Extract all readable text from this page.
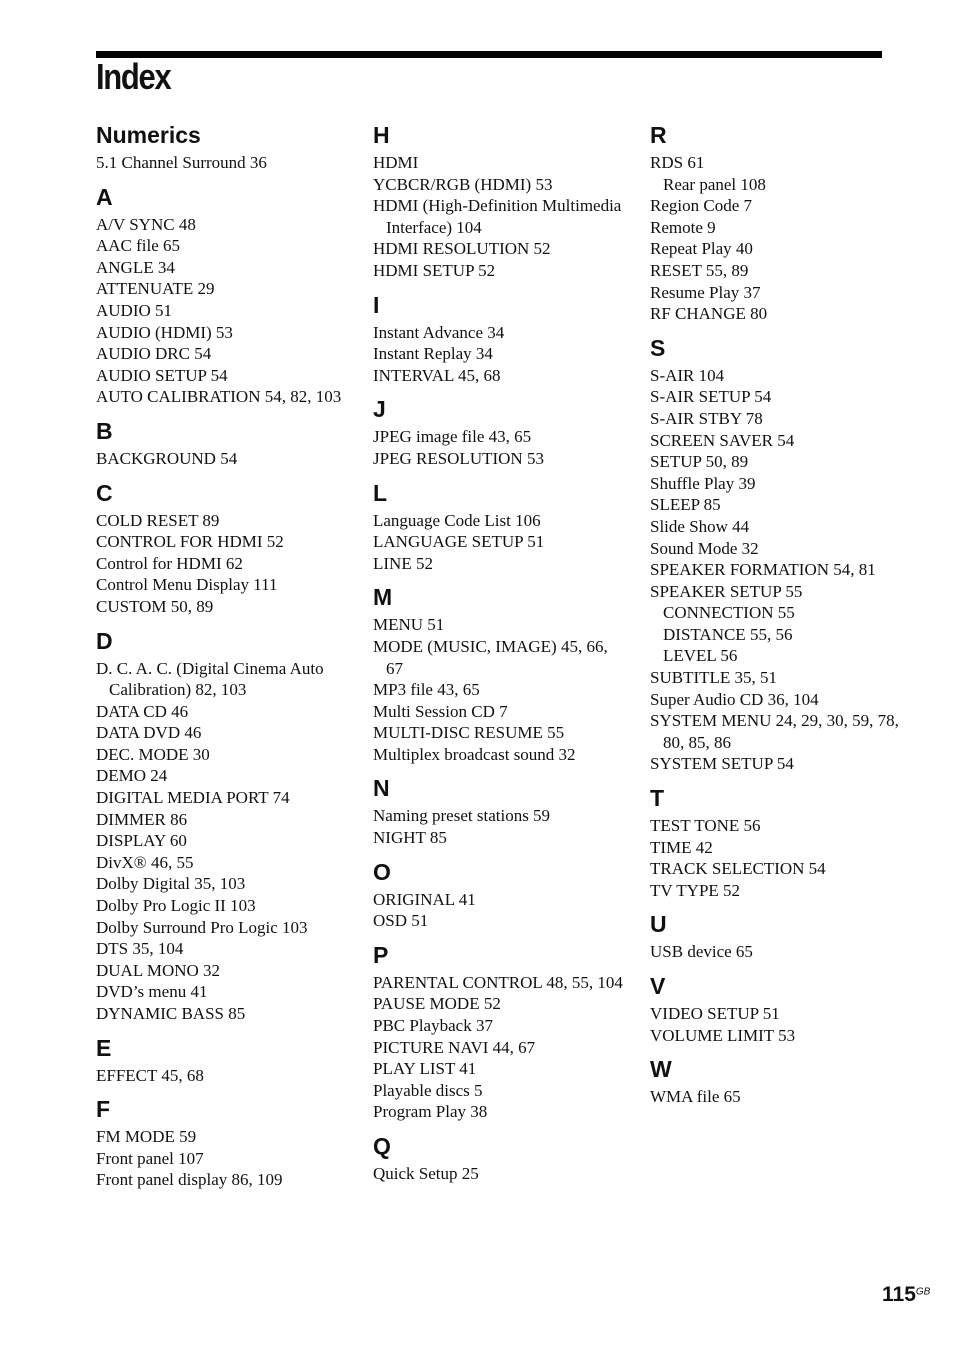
Index
Numerics
5.1 Channel Surround 36
A
A/V SYNC 48
AAC file 65
ANGLE 34
ATTENUATE 29
AUDIO 51
AUDIO (HDMI) 53
AUDIO DRC 54
AUDIO SETUP 54
AUTO CALIBRATION 54, 82, 103
B
BACKGROUND 54
C
COLD RESET 89
CONTROL FOR HDMI 52
Control for HDMI 62
Control Menu Display 111
CUSTOM 50, 89
D
D. C. A. C. (Digital Cinema Auto Calibration) 82, 103
DATA CD 46
DATA DVD 46
DEC. MODE 30
DEMO 24
DIGITAL MEDIA PORT 74
DIMMER 86
DISPLAY 60
DivX® 46, 55
Dolby Digital 35, 103
Dolby Pro Logic II 103
Dolby Surround Pro Logic 103
DTS 35, 104
DUAL MONO 32
DVD’s menu 41
DYNAMIC BASS 85
E
EFFECT 45, 68
F
FM MODE 59
Front panel 107
Front panel display 86, 109
H
HDMI
YCBCR/RGB (HDMI) 53
HDMI (High-Definition Multimedia Interface) 104
HDMI RESOLUTION 52
HDMI SETUP 52
I
Instant Advance 34
Instant Replay 34
INTERVAL 45, 68
J
JPEG image file 43, 65
JPEG RESOLUTION 53
L
Language Code List 106
LANGUAGE SETUP 51
LINE 52
M
MENU 51
MODE (MUSIC, IMAGE) 45, 66, 67
MP3 file 43, 65
Multi Session CD 7
MULTI-DISC RESUME 55
Multiplex broadcast sound 32
N
Naming preset stations 59
NIGHT 85
O
ORIGINAL 41
OSD 51
P
PARENTAL CONTROL 48, 55, 104
PAUSE MODE 52
PBC Playback 37
PICTURE NAVI 44, 67
PLAY LIST 41
Playable discs 5
Program Play 38
Q
Quick Setup 25
R
RDS 61
Rear panel 108
Region Code 7
Remote 9
Repeat Play 40
RESET 55, 89
Resume Play 37
RF CHANGE 80
S
S-AIR 104
S-AIR SETUP 54
S-AIR STBY 78
SCREEN SAVER 54
SETUP 50, 89
Shuffle Play 39
SLEEP 85
Slide Show 44
Sound Mode 32
SPEAKER FORMATION 54, 81
SPEAKER SETUP 55
CONNECTION 55
DISTANCE 55, 56
LEVEL 56
SUBTITLE 35, 51
Super Audio CD 36, 104
SYSTEM MENU 24, 29, 30, 59, 78, 80, 85, 86
SYSTEM SETUP 54
T
TEST TONE 56
TIME 42
TRACK SELECTION 54
TV TYPE 52
U
USB device 65
V
VIDEO SETUP 51
VOLUME LIMIT 53
W
WMA file 65
$115^{GB}$
